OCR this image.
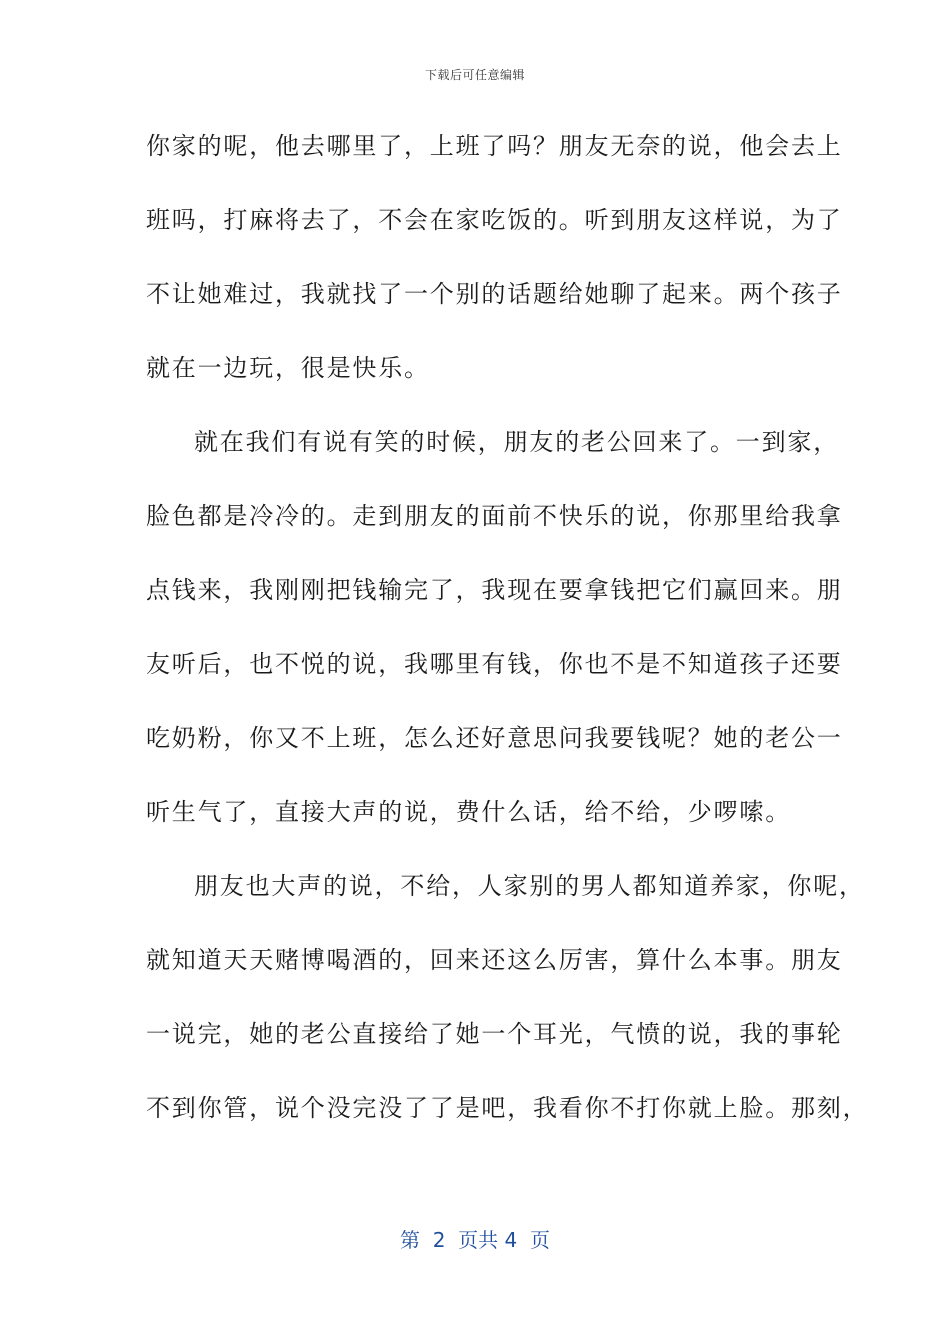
下载后可任意编辑
你家的呢，他去哪里了，上班了吗？朋友无奈的说，他会去上
班吗，打麻将去了，不会在家吃饭的。听到朋友这样说，为了
不让她难过，我就找了一个别的话题给她聊了起来。两个孩子
就在一边玩，很是快乐。
就在我们有说有笑的时候，朋友的老公回来了。一到家，
脸色都是冷冷的。走到朋友的面前不快乐的说，你那里给我拿
点钱来，我刚刚把钱输完了，我现在要拿钱把它们赢回来。朋
友听后，也不悦的说，我哪里有钱，你也不是不知道孩子还要
吃奶粉，你又不上班，怎么还好意思问我要钱呢？她的老公一
听生气了，直接大声的说，费什么话，给不给，少啰嗦。
朋友也大声的说，不给，人家别的男人都知道养家，你呢，
就知道天天赌博喝酒的，回来还这么厉害，算什么本事。朋友
一说完，她的老公直接给了她一个耳光，气愤的说，我的事轮
不到你管，说个没完没了了是吧，我看你不打你就上脸。那刻，
第  2  页共 4  页
